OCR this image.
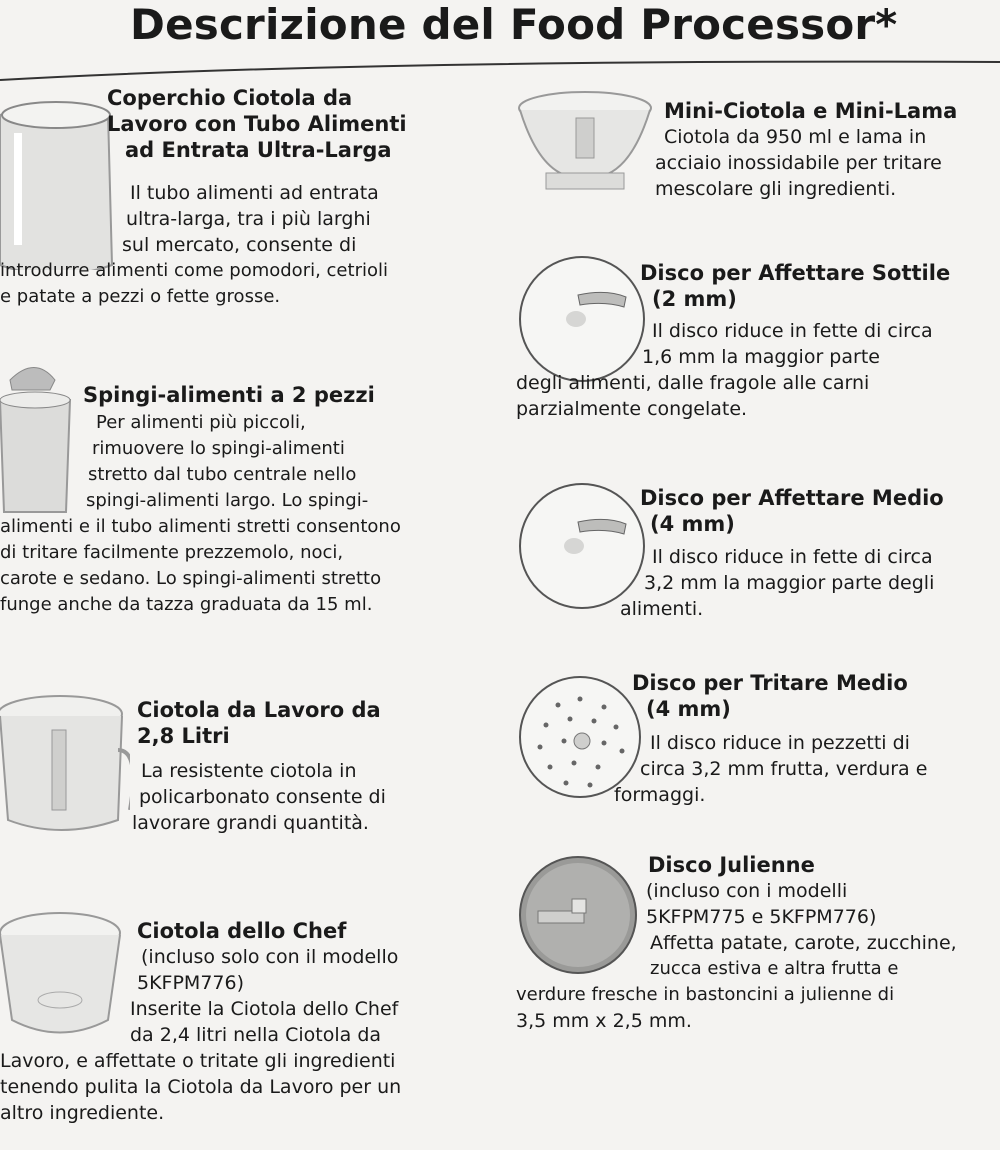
Descrizione del Food Processor*
Coperchio Ciotola da
Lavoro con Tubo Alimenti
ad Entrata Ultra-Larga
Il tubo alimenti ad entrata
ultra-larga, tra i più larghi
sul mercato, consente di
introdurre alimenti come pomodori, cetrioli
e patate a pezzi o fette grosse.
Spingi-alimenti a 2 pezzi
Per alimenti più piccoli,
rimuovere lo spingi-alimenti
stretto dal tubo centrale nello
spingi-alimenti largo. Lo spingi-
alimenti e il tubo alimenti stretti consentono
di tritare facilmente prezzemolo, noci,
carote e sedano. Lo spingi-alimenti stretto
funge anche da tazza graduata da 15 ml.
Ciotola da Lavoro da
2,8 Litri
La resistente ciotola in
policarbonato consente di
lavorare grandi quantità.
Ciotola dello Chef
(incluso solo con il modello
5KFPM776)
Inserite la Ciotola dello Chef
da 2,4 litri nella Ciotola da
Lavoro, e affettate o tritate gli ingredienti
tenendo pulita la Ciotola da Lavoro per un
altro ingrediente.
Mini-Ciotola e Mini-Lama
Ciotola da 950 ml e lama in
acciaio inossidabile per tritare
mescolare gli ingredienti.
Disco per Affettare Sottile
(2 mm)
Il disco riduce in fette di circa
1,6 mm la maggior parte
degli alimenti, dalle fragole alle carni
parzialmente congelate.
Disco per Affettare Medio
(4 mm)
Il disco riduce in fette di circa
3,2 mm la maggior parte degli
alimenti.
Disco per Tritare Medio
(4 mm)
Il disco riduce in pezzetti di
circa 3,2 mm frutta, verdura e
formaggi.
Disco Julienne
(incluso con i modelli
5KFPM775 e 5KFPM776)
Affetta patate, carote, zucchine,
zucca estiva e altra frutta e
verdure fresche in bastoncini a julienne di
3,5 mm x 2,5 mm.
